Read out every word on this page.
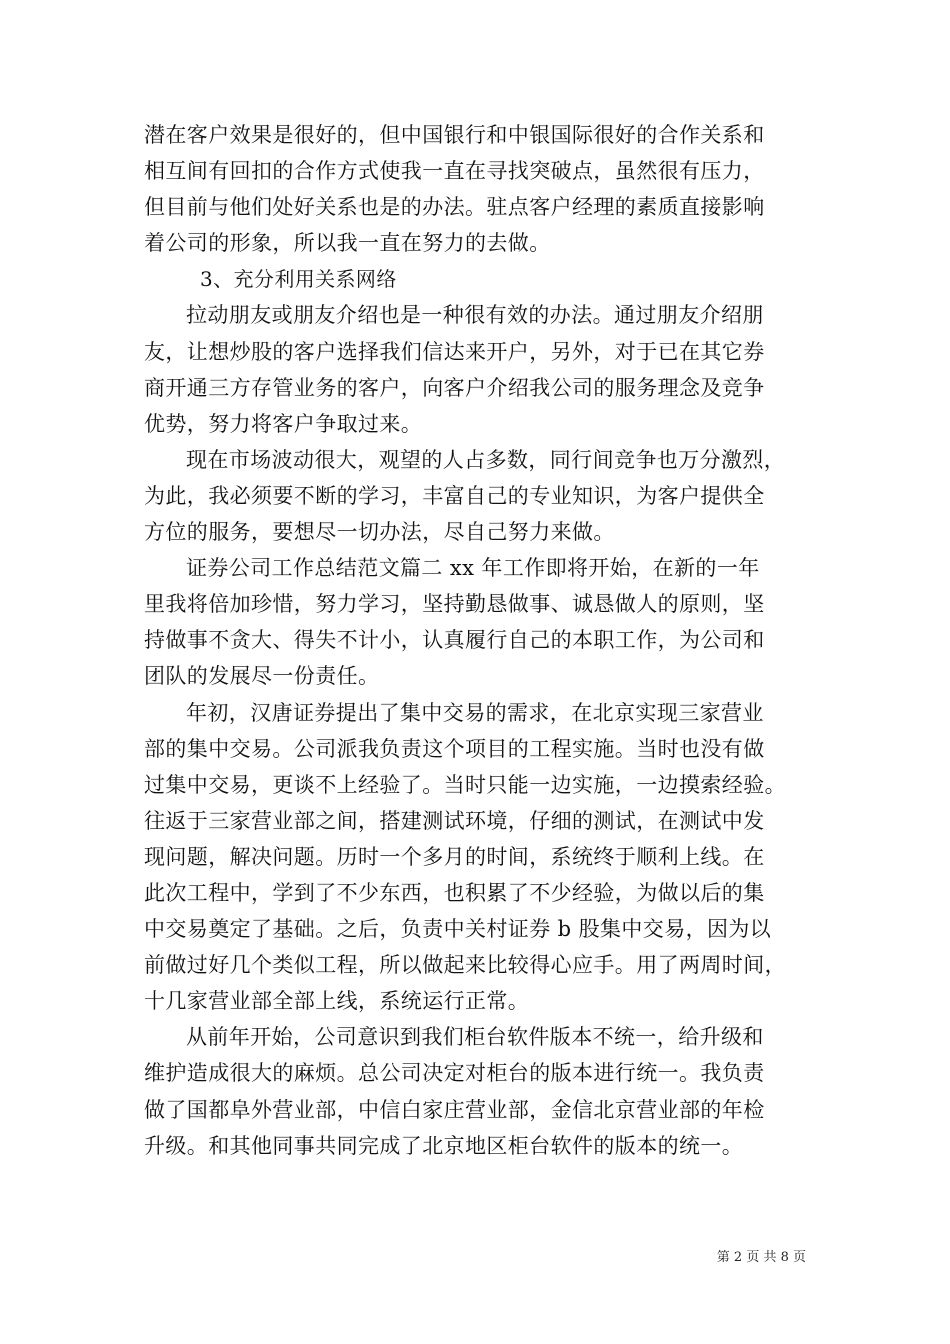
潜在客户效果是很好的，但中国银行和中银国际很好的合作关系和
相互间有回扣的合作方式使我一直在寻找突破点，虽然很有压力，
但目前与他们处好关系也是的办法。驻点客户经理的素质直接影响
着公司的形象，所以我一直在努力的去做。

3、充分利用关系网络

拉动朋友或朋友介绍也是一种很有效的办法。通过朋友介绍朋
友，让想炒股的客户选择我们信达来开户，另外，对于已在其它券
商开通三方存管业务的客户，向客户介绍我公司的服务理念及竞争
优势，努力将客户争取过来。

现在市场波动很大，观望的人占多数，同行间竞争也万分激烈，
为此，我必须要不断的学习，丰富自己的专业知识，为客户提供全
方位的服务，要想尽一切办法，尽自己努力来做。

证券公司工作总结范文篇二 xx 年工作即将开始，在新的一年
里我将倍加珍惜，努力学习，坚持勤恳做事、诚恳做人的原则，坚
持做事不贪大、得失不计小，认真履行自己的本职工作，为公司和
团队的发展尽一份责任。

年初，汉唐证券提出了集中交易的需求，在北京实现三家营业
部的集中交易。公司派我负责这个项目的工程实施。当时也没有做
过集中交易，更谈不上经验了。当时只能一边实施，一边摸索经验。
往返于三家营业部之间，搭建测试环境，仔细的测试，在测试中发
现问题，解决问题。历时一个多月的时间，系统终于顺利上线。在
此次工程中，学到了不少东西，也积累了不少经验，为做以后的集
中交易奠定了基础。之后，负责中关村证券 b 股集中交易，因为以
前做过好几个类似工程，所以做起来比较得心应手。用了两周时间，
十几家营业部全部上线，系统运行正常。

从前年开始，公司意识到我们柜台软件版本不统一，给升级和
维护造成很大的麻烦。总公司决定对柜台的版本进行统一。我负责
做了国都阜外营业部，中信白家庄营业部，金信北京营业部的年检
升级。和其他同事共同完成了北京地区柜台软件的版本的统一。

第 2 页 共 8 页
